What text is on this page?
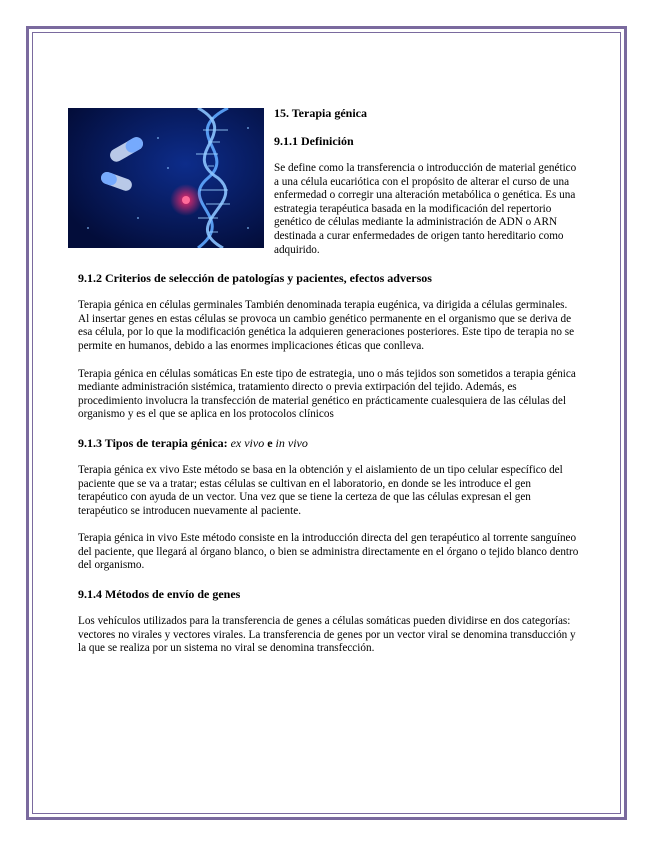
15. Terapia génica
9.1.1 Definición

Se define como la transferencia o introducción de material genético a una célula eucariótica con el propósito de alterar el curso de una enfermedad o corregir una alteración metabólica o genética. Es una estrategia terapéutica basada en la modificación del repertorio genético de células mediante la administración de ADN o ARN destinada a curar enfermedades de origen tanto hereditario como adquirido.

9.1.2 Criterios de selección de patologías y pacientes, efectos adversos

Terapia génica en células germinales También denominada terapia eugénica, va dirigida a células germinales. Al insertar genes en estas células se provoca un cambio genético permanente en el organismo que se deriva de esa célula, por lo que la modificación genética la adquieren generaciones posteriores. Este tipo de terapia no se permite en humanos, debido a las enormes implicaciones éticas que conlleva.

Terapia génica en células somáticas En este tipo de estrategia, uno o más tejidos son sometidos a terapia génica mediante administración sistémica, tratamiento directo o previa extirpación del tejido. Además, es procedimiento involucra la transfección de material genético en prácticamente cualesquiera de las células del organismo y es el que se aplica en los protocolos clínicos

9.1.3 Tipos de terapia génica: ex vivo e in vivo

Terapia génica ex vivo Este método se basa en la obtención y el aislamiento de un tipo celular específico del paciente que se va a tratar; estas células se cultivan en el laboratorio, en donde se les introduce el gen terapéutico con ayuda de un vector. Una vez que se tiene la certeza de que las células expresan el gen terapéutico se introducen nuevamente al paciente.

Terapia génica in vivo Este método consiste en la introducción directa del gen terapéutico al torrente sanguíneo del paciente, que llegará al órgano blanco, o bien se administra directamente en el órgano o tejido blanco dentro del organismo.

9.1.4 Métodos de envío de genes

Los vehículos utilizados para la transferencia de genes a células somáticas pueden dividirse en dos categorías: vectores no virales y vectores virales. La transferencia de genes por un vector viral se denomina transducción y la que se realiza por un sistema no viral se denomina transfección.
